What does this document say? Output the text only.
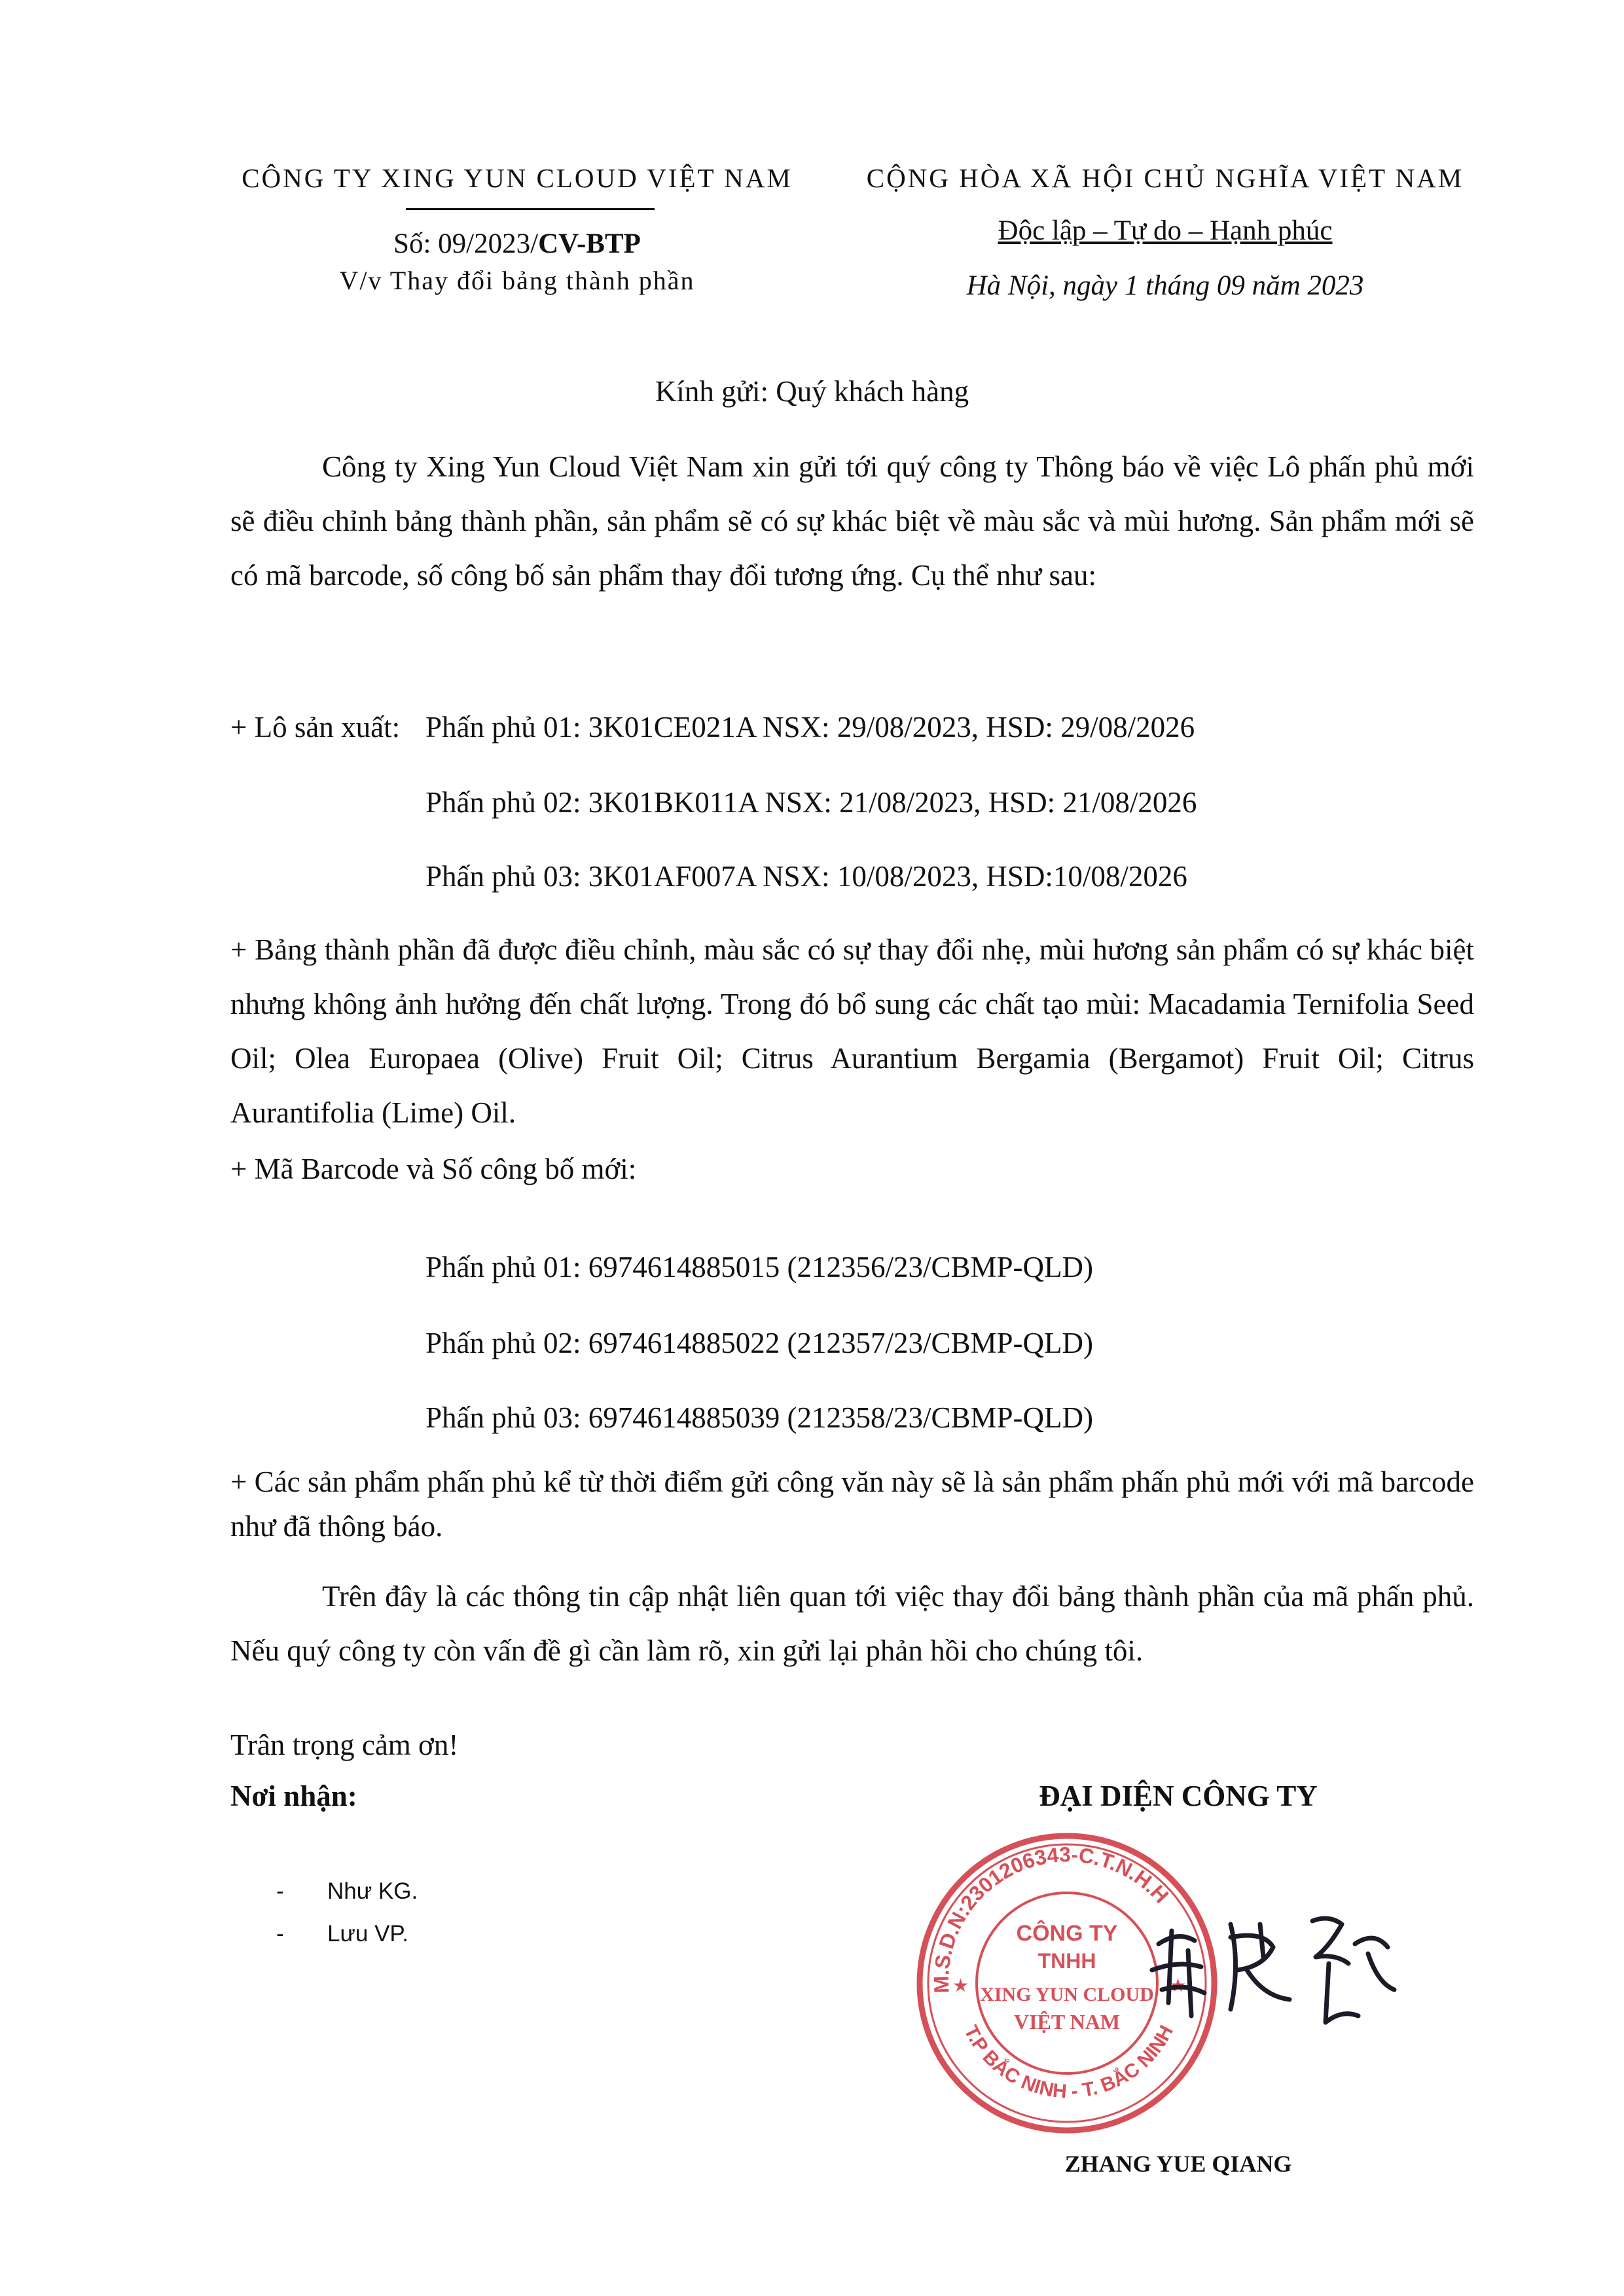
CÔNG TY XING YUN CLOUD VIỆT NAM
Số: 09/2023/CV-BTP
V/v Thay đổi bảng thành phần
CỘNG HÒA XÃ HỘI CHỦ NGHĨA VIỆT NAM
Độc lập – Tự do – Hạnh phúc
Hà Nội, ngày 1 tháng 09 năm 2023
Kính gửi: Quý khách hàng
Công ty Xing Yun Cloud Việt Nam xin gửi tới quý công ty Thông báo về việc Lô phấn phủ mới sẽ điều chỉnh bảng thành phần, sản phẩm sẽ có sự khác biệt về màu sắc và mùi hương. Sản phẩm mới sẽ có mã barcode, số công bố sản phẩm thay đổi tương ứng. Cụ thể như sau:
+ Lô sản xuất: Phấn phủ 01: 3K01CE021A NSX: 29/08/2023, HSD: 29/08/2026
Phấn phủ 02: 3K01BK011A NSX: 21/08/2023, HSD: 21/08/2026
Phấn phủ 03: 3K01AF007A NSX: 10/08/2023, HSD:10/08/2026
+ Bảng thành phần đã được điều chỉnh, màu sắc có sự thay đổi nhẹ, mùi hương sản phẩm có sự khác biệt nhưng không ảnh hưởng đến chất lượng. Trong đó bổ sung các chất tạo mùi: Macadamia Ternifolia Seed Oil; Olea Europaea (Olive) Fruit Oil; Citrus Aurantium Bergamia (Bergamot) Fruit Oil; Citrus Aurantifolia (Lime) Oil.
+ Mã Barcode và Số công bố mới:
Phấn phủ 01: 6974614885015 (212356/23/CBMP-QLD)
Phấn phủ 02: 6974614885022 (212357/23/CBMP-QLD)
Phấn phủ 03: 6974614885039 (212358/23/CBMP-QLD)
+ Các sản phẩm phấn phủ kể từ thời điểm gửi công văn này sẽ là sản phẩm phấn phủ mới với mã barcode như đã thông báo.
Trên đây là các thông tin cập nhật liên quan tới việc thay đổi bảng thành phần của mã phấn phủ. Nếu quý công ty còn vấn đề gì cần làm rõ, xin gửi lại phản hồi cho chúng tôi.
Trân trọng cảm ơn!
Nơi nhận:
- Như KG.
- Lưu VP.
ĐẠI DIỆN CÔNG TY
M.S.D.N:2301206343-C.T.N.H.H
T.P BẮC NINH - T. BẮC NINH
★	★
CÔNG TY
TNHH
XING YUN CLOUD
VIỆT NAM
ZHANG YUE QIANG
